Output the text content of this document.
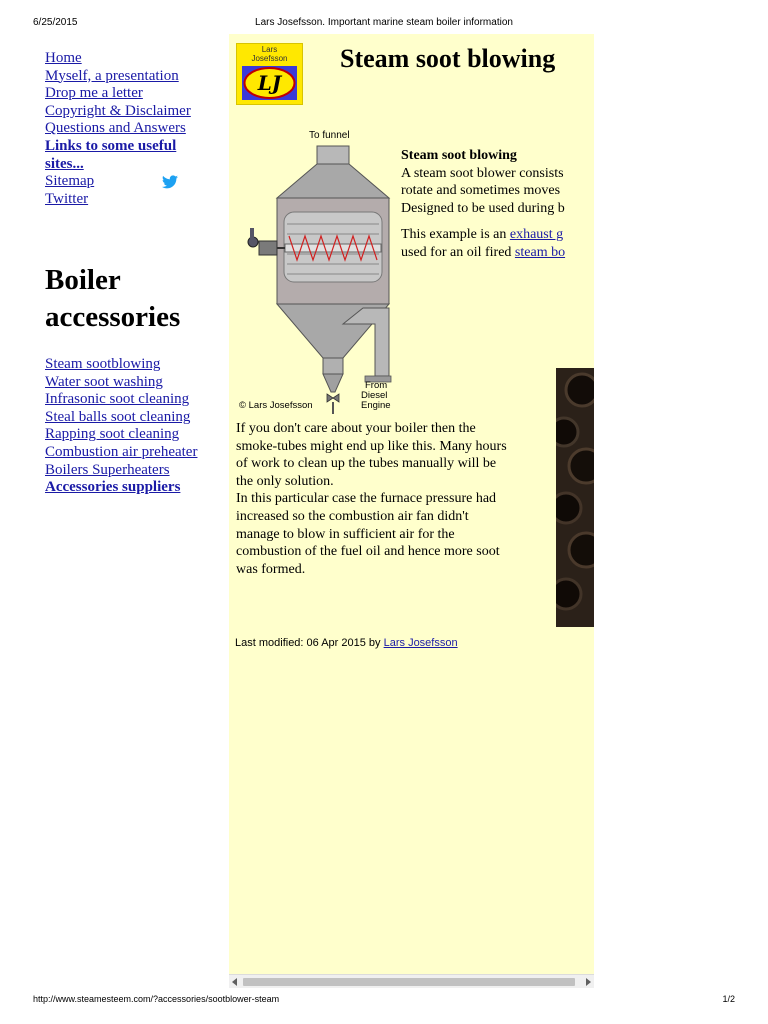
6/25/2015	Lars Josefsson. Important marine steam boiler information
Home
Myself, a presentation
Drop me a letter
Copyright & Disclaimer
Questions and Answers
Links to some useful sites...
Sitemap
Twitter
Boiler accessories
Steam sootblowing
Water soot washing
Infrasonic soot cleaning
Steal balls soot cleaning
Rapping soot cleaning
Combustion air preheater
Boilers Superheaters
Accessories suppliers
Lars
Josefsson
LJ
Steam soot blowing
To funnel
© Lars Josefsson
From
Diesel
Engine
Steam soot blowing

A steam soot blower consists

rotate and sometimes moves

Designed to be used during b

This example is an exhaust g

used for an oil fired steam bo

If you don't care about your boiler then the
smoke-tubes might end up like this. Many hours
of work to clean up the tubes manually will be
the only solution.
In this particular case the furnace pressure had
increased so the combustion air fan didn't
manage to blow in sufficient air for the
combustion of the fuel oil and hence more soot
was formed.
Last modified: 06 Apr 2015 by Lars Josefsson
http://www.steamesteem.com/?accessories/sootblower-steam	1/2
